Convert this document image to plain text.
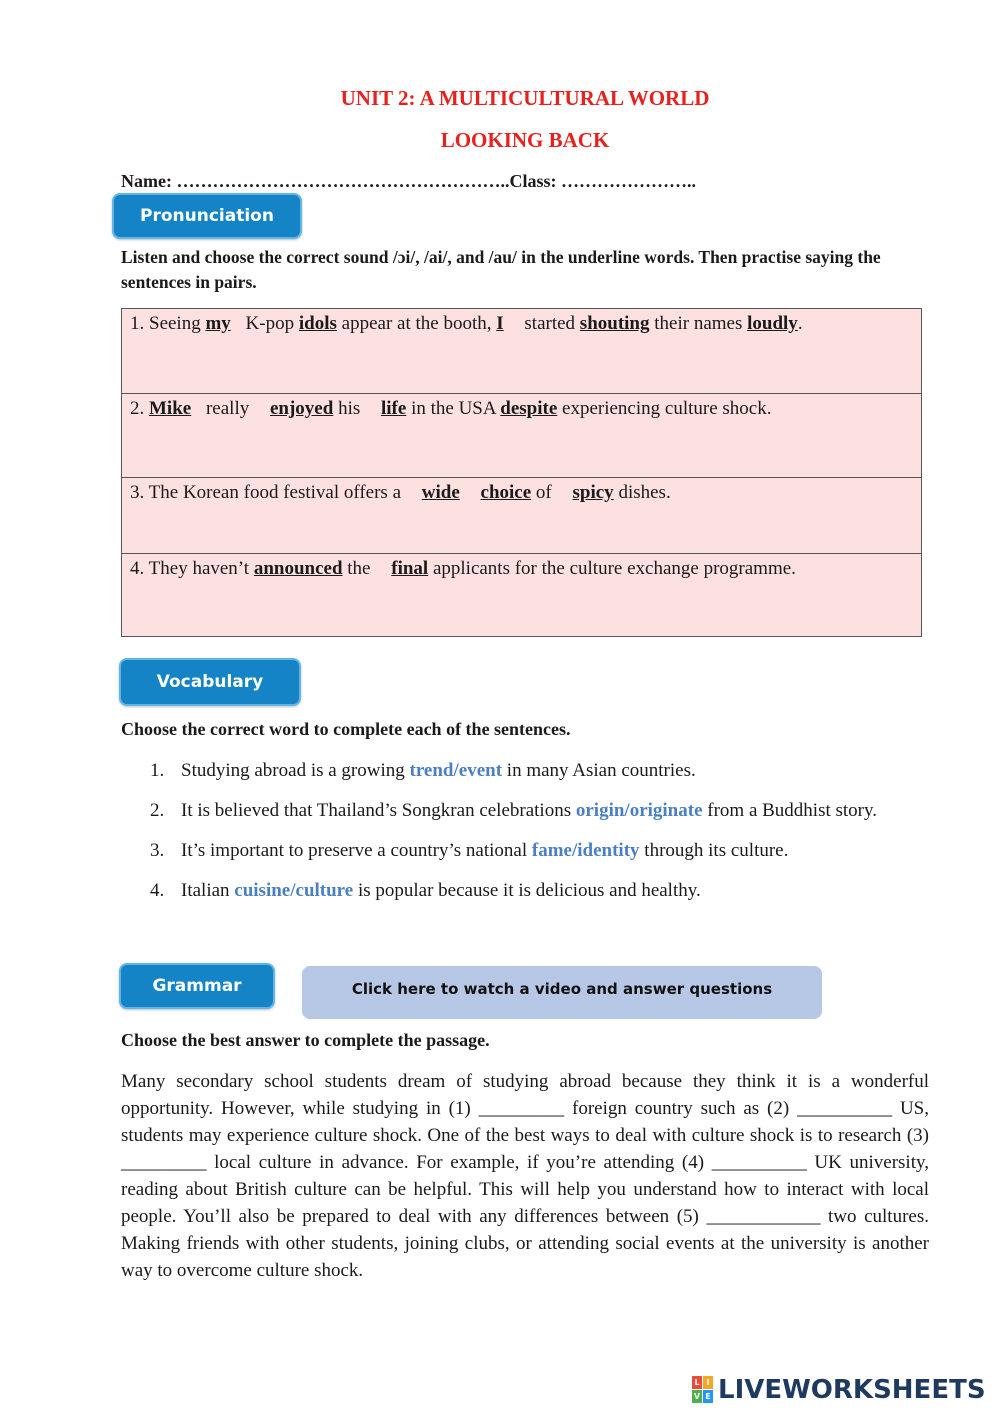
UNIT 2: A MULTICULTURAL WORLD
LOOKING BACK
Name: ………………………………………………..Class: …………………..
Pronunciation
Listen and choose the correct sound /ɔi/, /ai/, and /au/ in the underline words. Then practise saying the sentences in pairs.
1. Seeing my K-pop idols appear at the booth, I started shouting their names loudly.
2. Mike really enjoyed his life in the USA despite experiencing culture shock.
3. The Korean food festival offers a wide choice of spicy dishes.
4. They haven’t announced the final applicants for the culture exchange programme.
Vocabulary
Choose the correct word to complete each of the sentences.
1. Studying abroad is a growing trend/event in many Asian countries.
2. It is believed that Thailand’s Songkran celebrations origin/originate from a Buddhist story.
3. It’s important to preserve a country’s national fame/identity through its culture.
4. Italian cuisine/culture is popular because it is delicious and healthy.
Grammar	Click here to watch a video and answer questions
Choose the best answer to complete the passage.
Many secondary school students dream of studying abroad because they think it is a wonderful opportunity. However, while studying in (1) _________ foreign country such as (2) __________ US, students may experience culture shock. One of the best ways to deal with culture shock is to research (3) _________ local culture in advance. For example, if you’re attending (4) __________ UK university, reading about British culture can be helpful. This will help you understand how to interact with local people. You’ll also be prepared to deal with any differences between (5) ____________ two cultures. Making friends with other students, joining clubs, or attending social events at the university is another way to overcome culture shock.
L I
V E LIVEWORKSHEETS
